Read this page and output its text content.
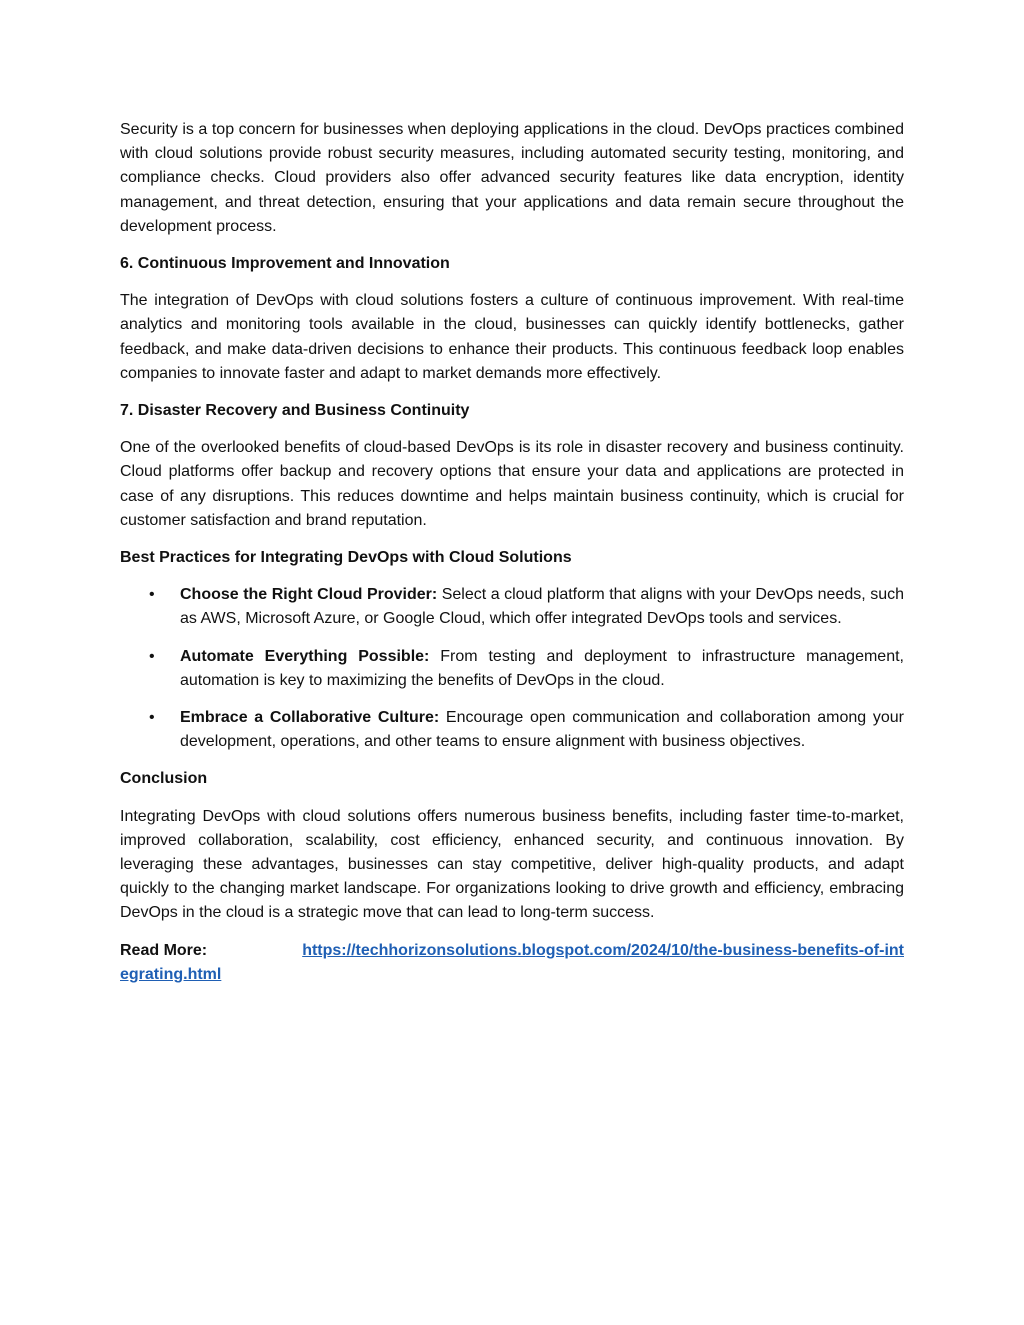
Security is a top concern for businesses when deploying applications in the cloud. DevOps practices combined with cloud solutions provide robust security measures, including automated security testing, monitoring, and compliance checks. Cloud providers also offer advanced security features like data encryption, identity management, and threat detection, ensuring that your applications and data remain secure throughout the development process.

6. Continuous Improvement and Innovation

The integration of DevOps with cloud solutions fosters a culture of continuous improvement. With real-time analytics and monitoring tools available in the cloud, businesses can quickly identify bottlenecks, gather feedback, and make data-driven decisions to enhance their products. This continuous feedback loop enables companies to innovate faster and adapt to market demands more effectively.

7. Disaster Recovery and Business Continuity

One of the overlooked benefits of cloud-based DevOps is its role in disaster recovery and business continuity. Cloud platforms offer backup and recovery options that ensure your data and applications are protected in case of any disruptions. This reduces downtime and helps maintain business continuity, which is crucial for customer satisfaction and brand reputation.

Best Practices for Integrating DevOps with Cloud Solutions

• Choose the Right Cloud Provider: Select a cloud platform that aligns with your DevOps needs, such as AWS, Microsoft Azure, or Google Cloud, which offer integrated DevOps tools and services.
• Automate Everything Possible: From testing and deployment to infrastructure management, automation is key to maximizing the benefits of DevOps in the cloud.
• Embrace a Collaborative Culture: Encourage open communication and collaboration among your development, operations, and other teams to ensure alignment with business objectives.

Conclusion

Integrating DevOps with cloud solutions offers numerous business benefits, including faster time-to-market, improved collaboration, scalability, cost efficiency, enhanced security, and continuous innovation. By leveraging these advantages, businesses can stay competitive, deliver high-quality products, and adapt quickly to the changing market landscape. For organizations looking to drive growth and efficiency, embracing DevOps in the cloud is a strategic move that can lead to long-term success.

Read More:	https://techhorizonsolutions.blogspot.com/2024/10/the-business-benefits-of-integrating.html
